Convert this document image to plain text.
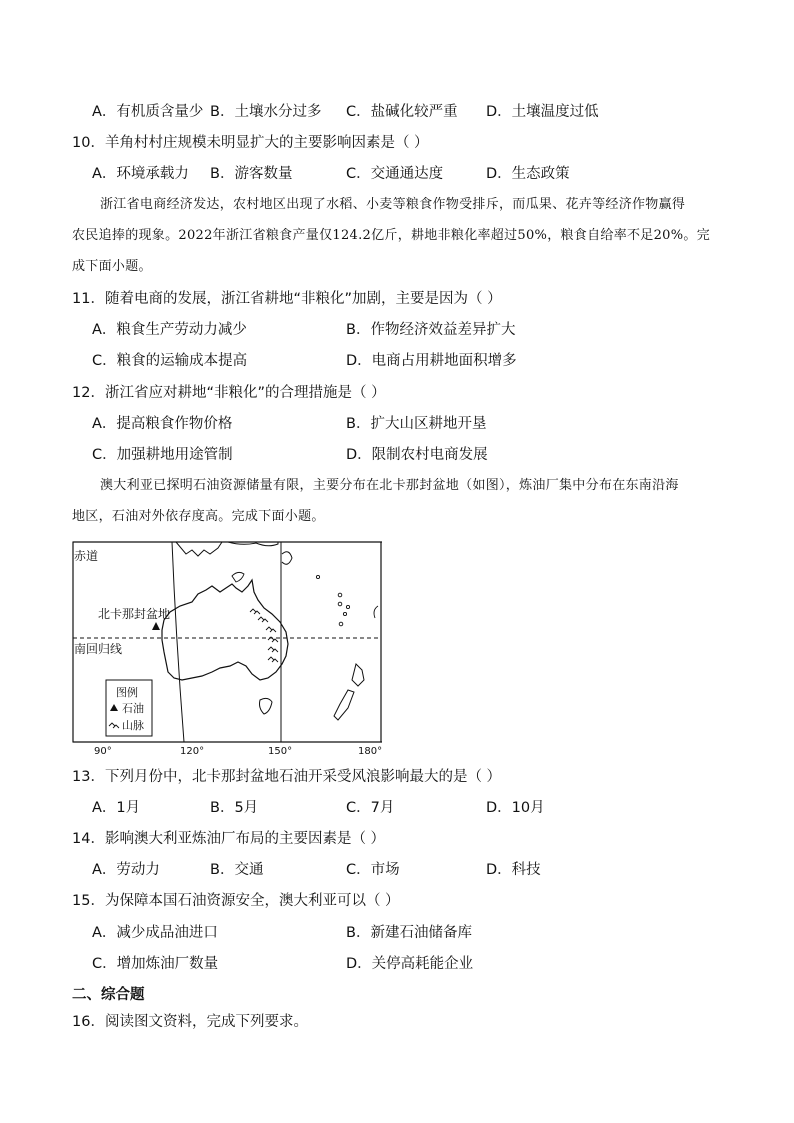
A．有机质含量少 B．土壤水分过多 C．盐碱化较严重 D．土壤温度过低
10．羊角村村庄规模未明显扩大的主要影响因素是（ ）
A．环境承载力 B．游客数量	C．交通通达度	D．生态政策
浙江省电商经济发达，农村地区出现了水稻、小麦等粮食作物受排斥，而瓜果、花卉等经济作物赢得
农民追捧的现象。2022年浙江省粮食产量仅124.2亿斤，耕地非粮化率超过50%，粮食自给率不足20%。完
成下面小题。
11．随着电商的发展，浙江省耕地“非粮化”加剧，主要是因为（ ）
A．粮食生产劳动力减少	B．作物经济效益差异扩大
C．粮食的运输成本提高	D．电商占用耕地面积增多
12．浙江省应对耕地“非粮化”的合理措施是（ ）
A．提高粮食作物价格	B．扩大山区耕地开垦
C．加强耕地用途管制	D．限制农村电商发展
澳大利亚已探明石油资源储量有限，主要分布在北卡那封盆地（如图），炼油厂集中分布在东南沿海
地区，石油对外依存度高。完成下面小题。
赤道
北卡那封盆地
南回归线
图例
石油
山脉
90°	120°	150°	180°
13．下列月份中，北卡那封盆地石油开采受风浪影响最大的是（ ）
A．1月	B．5月	C．7月	D．10月
14．影响澳大利亚炼油厂布局的主要因素是（ ）
A．劳动力	B．交通	C．市场	D．科技
15．为保障本国石油资源安全，澳大利亚可以（ ）
A．减少成品油进口	B．新建石油储备库
C．增加炼油厂数量	D．关停高耗能企业
二、综合题
16．阅读图文资料，完成下列要求。
